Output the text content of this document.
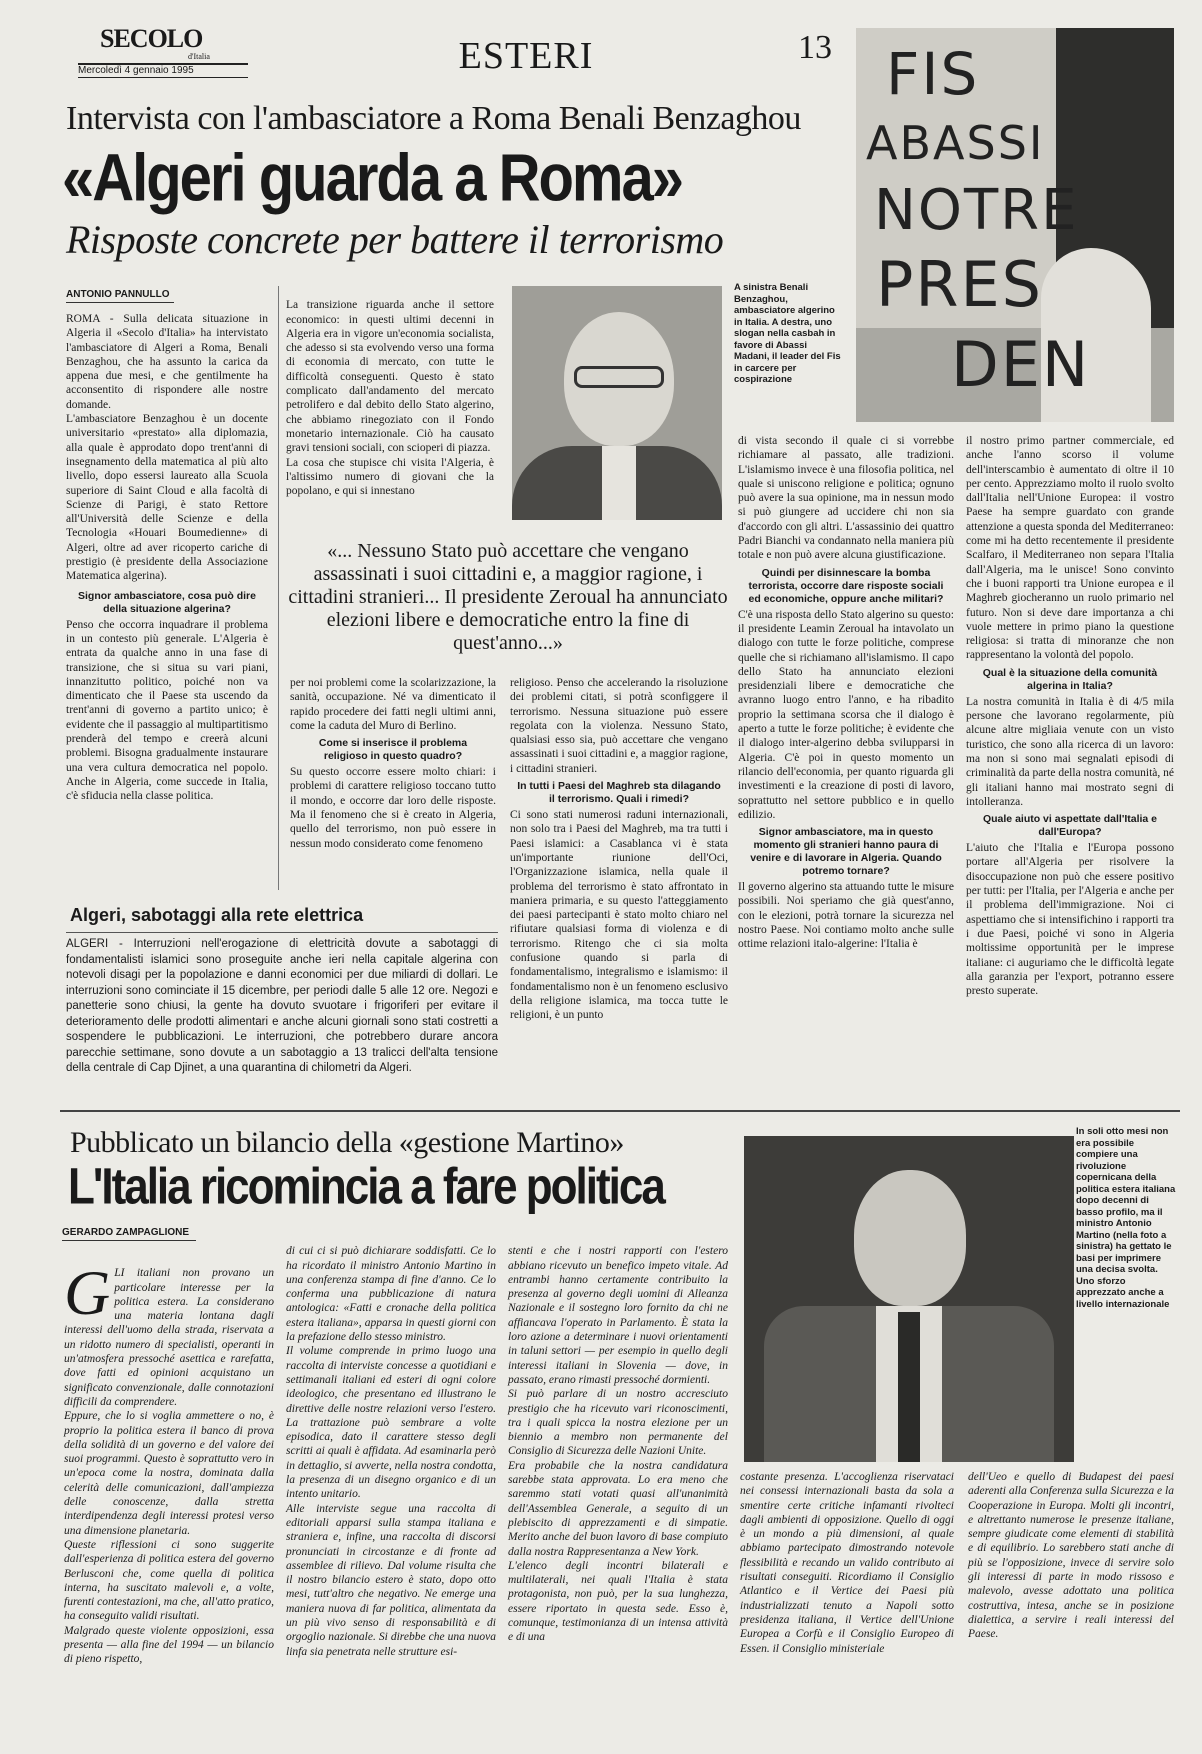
SECOLO
d'Italia
Mercoledì 4 gennaio 1995	ESTERI	13
Intervista con l'ambasciatore a Roma Benali Benzaghou
«Algeri guarda a Roma»
Risposte concrete per battere il terrorismo
FIS
ABASSI
NOTRE
PRES
DEN
ANTONIO PANNULLO

ROMA - Sulla delicata situazione in Algeria il «Secolo d'Italia» ha intervistato l'ambasciatore di Algeri a Roma, Benali Benzaghou, che ha assunto la carica da appena due mesi, e che gentilmente ha acconsentito di rispondere alle nostre domande.

L'ambasciatore Benzaghou è un docente universitario «prestato» alla diplomazia, alla quale è approdato dopo trent'anni di insegnamento della matematica al più alto livello, dopo essersi laureato alla Scuola superiore di Saint Cloud e alla facoltà di Scienze di Parigi, è stato Rettore all'Università delle Scienze e della Tecnologia «Houari Boumedienne» di Algeri, oltre ad aver ricoperto cariche di prestigio (è presidente della Associazione Matematica algerina).

Signor ambasciatore, cosa può dire della situazione algerina?

Penso che occorra inquadrare il problema in un contesto più generale. L'Algeria è entrata da qualche anno in una fase di transizione, che si situa su vari piani, innanzitutto politico, poiché non va dimenticato che il Paese sta uscendo da trent'anni di governo a partito unico; è evidente che il passaggio al multipartitismo prenderà del tempo e creerà alcuni problemi. Bisogna gradualmente instaurare una vera cultura democratica nel popolo. Anche in Algeria, come succede in Italia, c'è sfiducia nella classe politica.

La transizione riguarda anche il settore economico: in questi ultimi decenni in Algeria era in vigore un'economia socialista, che adesso si sta evolvendo verso una forma di economia di mercato, con tutte le difficoltà conseguenti. Questo è stato complicato dall'andamento del mercato petrolifero e dal debito dello Stato algerino, che abbiamo rinegoziato con il Fondo monetario internazionale. Ciò ha causato gravi tensioni sociali, con scioperi di piazza.
La cosa che stupisce chi visita l'Algeria, è l'altissimo numero di giovani che la popolano, e qui si innestano

A sinistra Benali Benzaghou, ambasciatore algerino in Italia. A destra, uno slogan nella casbah in favore di Abassi Madani, il leader del Fis in carcere per cospirazione
«... Nessuno Stato può accettare che vengano assassinati i suoi cittadini e, a maggior ragione, i cittadini stranieri... Il presidente Zeroual ha annunciato elezioni libere e democratiche entro la fine di quest'anno...»

per noi problemi come la scolarizzazione, la sanità, occupazione. Né va dimenticato il rapido procedere dei fatti negli ultimi anni, come la caduta del Muro di Berlino.

Come si inserisce il problema religioso in questo quadro?

Su questo occorre essere molto chiari: i problemi di carattere religioso toccano tutto il mondo, e occorre dar loro delle risposte. Ma il fenomeno che si è creato in Algeria, quello del terrorismo, non può essere in nessun modo considerato come fenomeno

religioso. Penso che accelerando la risoluzione dei problemi citati, si potrà sconfiggere il terrorismo. Nessuna situazione può essere regolata con la violenza. Nessuno Stato, qualsiasi esso sia, può accettare che vengano assassinati i suoi cittadini e, a maggior ragione, i cittadini stranieri.

In tutti i Paesi del Maghreb sta dilagando il terrorismo. Quali i rimedi?

Ci sono stati numerosi raduni internazionali, non solo tra i Paesi del Maghreb, ma tra tutti i Paesi islamici: a Casablanca vi è stata un'importante riunione dell'Oci, l'Organizzazione islamica, nella quale il problema del terrorismo è stato affrontato in maniera primaria, e su questo l'atteggiamento dei paesi partecipanti è stato molto chiaro nel rifiutare qualsiasi forma di violenza e di terrorismo. Ritengo che ci sia molta confusione quando si parla di fondamentalismo, integralismo e islamismo: il fondamentalismo non è un fenomeno esclusivo della religione islamica, ma tocca tutte le religioni, è un punto

di vista secondo il quale ci si vorrebbe richiamare al passato, alle tradizioni. L'islamismo invece è una filosofia politica, nel quale si uniscono religione e politica; ognuno può avere la sua opinione, ma in nessun modo si può giungere ad uccidere chi non sia d'accordo con gli altri. L'assassinio dei quattro Padri Bianchi va condannato nella maniera più totale e non può avere alcuna giustificazione.

Quindi per disinnescare la bomba terrorista, occorre dare risposte sociali ed economiche, oppure anche militari?

C'è una risposta dello Stato algerino su questo: il presidente Leamin Zeroual ha intavolato un dialogo con tutte le forze politiche, comprese quelle che si richiamano all'islamismo. Il capo dello Stato ha annunciato elezioni presidenziali libere e democratiche che avranno luogo entro l'anno, e ha ribadito proprio la settimana scorsa che il dialogo è aperto a tutte le forze politiche; è evidente che il dialogo inter-algerino debba svilupparsi in Algeria. C'è poi in questo momento un rilancio dell'economia, per quanto riguarda gli investimenti e la creazione di posti di lavoro, soprattutto nel settore pubblico e in quello edilizio.

Signor ambasciatore, ma in questo momento gli stranieri hanno paura di venire e di lavorare in Algeria. Quando potremo tornare?

Il governo algerino sta attuando tutte le misure possibili. Noi speriamo che già quest'anno, con le elezioni, potrà tornare la sicurezza nel nostro Paese. Noi contiamo molto anche sulle ottime relazioni italo-algerine: l'Italia è

il nostro primo partner commerciale, ed anche l'anno scorso il volume dell'interscambio è aumentato di oltre il 10 per cento. Apprezziamo molto il ruolo svolto dall'Italia nell'Unione Europea: il vostro Paese ha sempre guardato con grande attenzione a questa sponda del Mediterraneo: come mi ha detto recentemente il presidente Scalfaro, il Mediterraneo non separa l'Italia dall'Algeria, ma le unisce! Sono convinto che i buoni rapporti tra Unione europea e il Maghreb giocheranno un ruolo primario nel futuro. Non si deve dare importanza a chi vuole mettere in primo piano la questione religiosa: si tratta di minoranze che non rappresentano la volontà del popolo.

Qual è la situazione della comunità algerina in Italia?

La nostra comunità in Italia è di 4/5 mila persone che lavorano regolarmente, più alcune altre migliaia venute con un visto turistico, che sono alla ricerca di un lavoro: ma non si sono mai segnalati episodi di criminalità da parte della nostra comunità, né gli italiani hanno mai mostrato segni di intolleranza.

Quale aiuto vi aspettate dall'Italia e dall'Europa?

L'aiuto che l'Italia e l'Europa possono portare all'Algeria per risolvere la disoccupazione non può che essere positivo per tutti: per l'Italia, per l'Algeria e anche per il problema dell'immigrazione. Noi ci aspettiamo che si intensifichino i rapporti tra i due Paesi, poiché vi sono in Algeria moltissime opportunità per le imprese italiane: ci auguriamo che le difficoltà legate alla garanzia per l'export, potranno essere presto superate.

Algeri, sabotaggi alla rete elettrica
ALGERI - Interruzioni nell'erogazione di elettricità dovute a sabotaggi di fondamentalisti islamici sono proseguite anche ieri nella capitale algerina con notevoli disagi per la popolazione e danni economici per due miliardi di dollari. Le interruzioni sono cominciate il 15 dicembre, per periodi dalle 5 alle 12 ore. Negozi e panetterie sono chiusi, la gente ha dovuto svuotare i frigoriferi per evitare il deterioramento delle prodotti alimentari e anche alcuni giornali sono stati costretti a sospendere le pubblicazioni. Le interruzioni, che potrebbero durare ancora parecchie settimane, sono dovute a un sabotaggio a 13 tralicci dell'alta tensione della centrale di Cap Djinet, a una quarantina di chilometri da Algeri.
Pubblicato un bilancio della «gestione Martino»
L'Italia ricomincia a fare politica
GERARDO ZAMPAGLIONE
In soli otto mesi non era possibile compiere una rivoluzione copernicana della politica estera italiana dopo decenni di basso profilo, ma il ministro Antonio Martino (nella foto a sinistra) ha gettato le basi per imprimere una decisa svolta. Uno sforzo apprezzato anche a livello internazionale

GLI italiani non provano un particolare interesse per la politica estera. La considerano una materia lontana dagli interessi dell'uomo della strada, riservata a un ridotto numero di specialisti, operanti in un'atmosfera pressoché asettica e rarefatta, dove fatti ed opinioni acquistano un significato convenzionale, dalle connotazioni difficili da comprendere.
Eppure, che lo si voglia ammettere o no, è proprio la politica estera il banco di prova della solidità di un governo e del valore dei suoi programmi. Questo è soprattutto vero in un'epoca come la nostra, dominata dalla celerità delle comunicazioni, dall'ampiezza delle conoscenze, dalla stretta interdipendenza degli interessi protesi verso una dimensione planetaria.
Queste riflessioni ci sono suggerite dall'esperienza di politica estera del governo Berlusconi che, come quella di politica interna, ha suscitato malevoli e, a volte, furenti contestazioni, ma che, all'atto pratico, ha conseguito validi risultati.
Malgrado queste violente opposizioni, essa presenta — alla fine del 1994 — un bilancio di pieno rispetto,

di cui ci si può dichiarare soddisfatti. Ce lo ha ricordato il ministro Antonio Martino in una conferenza stampa di fine d'anno. Ce lo conferma una pubblicazione di natura antologica: «Fatti e cronache della politica estera italiana», apparsa in questi giorni con la prefazione dello stesso ministro.
Il volume comprende in primo luogo una raccolta di interviste concesse a quotidiani e settimanali italiani ed esteri di ogni colore ideologico, che presentano ed illustrano le direttive delle nostre relazioni verso l'estero. La trattazione può sembrare a volte episodica, dato il carattere stesso degli scritti ai quali è affidata. Ad esaminarla però in dettaglio, si avverte, nella nostra condotta, la presenza di un disegno organico e di un intento unitario.
Alle interviste segue una raccolta di editoriali apparsi sulla stampa italiana e straniera e, infine, una raccolta di discorsi pronunciati in circostanze e di fronte ad assemblee di rilievo. Dal volume risulta che il nostro bilancio estero è stato, dopo otto mesi, tutt'altro che negativo. Ne emerge una maniera nuova di far politica, alimentata da un più vivo senso di responsabilità e di orgoglio nazionale. Si direbbe che una nuova linfa sia penetrata nelle strutture esi-

stenti e che i nostri rapporti con l'estero abbiano ricevuto un benefico impeto vitale. Ad entrambi hanno certamente contribuito la presenza al governo degli uomini di Alleanza Nazionale e il sostegno loro fornito da chi ne affiancava l'operato in Parlamento. È stata la loro azione a determinare i nuovi orientamenti in taluni settori — per esempio in quello degli interessi italiani in Slovenia — dove, in passato, erano rimasti pressoché dormienti.
Si può parlare di un nostro accresciuto prestigio che ha ricevuto vari riconoscimenti, tra i quali spicca la nostra elezione per un biennio a membro non permanente del Consiglio di Sicurezza delle Nazioni Unite.
Era probabile che la nostra candidatura sarebbe stata approvata. Lo era meno che saremmo stati votati quasi all'unanimità dell'Assemblea Generale, a seguito di un plebiscito di apprezzamenti e di simpatie. Merito anche del buon lavoro di base compiuto dalla nostra Rappresentanza a New York.
L'elenco degli incontri bilaterali e multilaterali, nei quali l'Italia è stata protagonista, non può, per la sua lunghezza, essere riportato in questa sede. Esso è, comunque, testimonianza di un intensa attività e di una

costante presenza. L'accoglienza riservataci nei consessi internazionali basta da sola a smentire certe critiche infamanti rivolteci dagli ambienti di opposizione. Quello di oggi è un mondo a più dimensioni, al quale abbiamo partecipato dimostrando notevole flessibilità e recando un valido contributo ai risultati conseguiti. Ricordiamo il Consiglio Atlantico e il Vertice dei Paesi più industrializzati tenuto a Napoli sotto presidenza italiana, il Vertice dell'Unione Europea a Corfù e il Consiglio Europeo di Essen. il Consiglio ministeriale
dell'Ueo e quello di Budapest dei paesi aderenti alla Conferenza sulla Sicurezza e la Cooperazione in Europa. Molti gli incontri, e altrettanto numerose le presenze italiane, sempre giudicate come elementi di stabilità e di equilibrio. Lo sarebbero stati anche di più se l'opposizione, invece di servire solo gli interessi di parte in modo rissoso e malevolo, avesse adottato una politica costruttiva, intesa, anche se in posizione dialettica, a servire i reali interessi del Paese.
